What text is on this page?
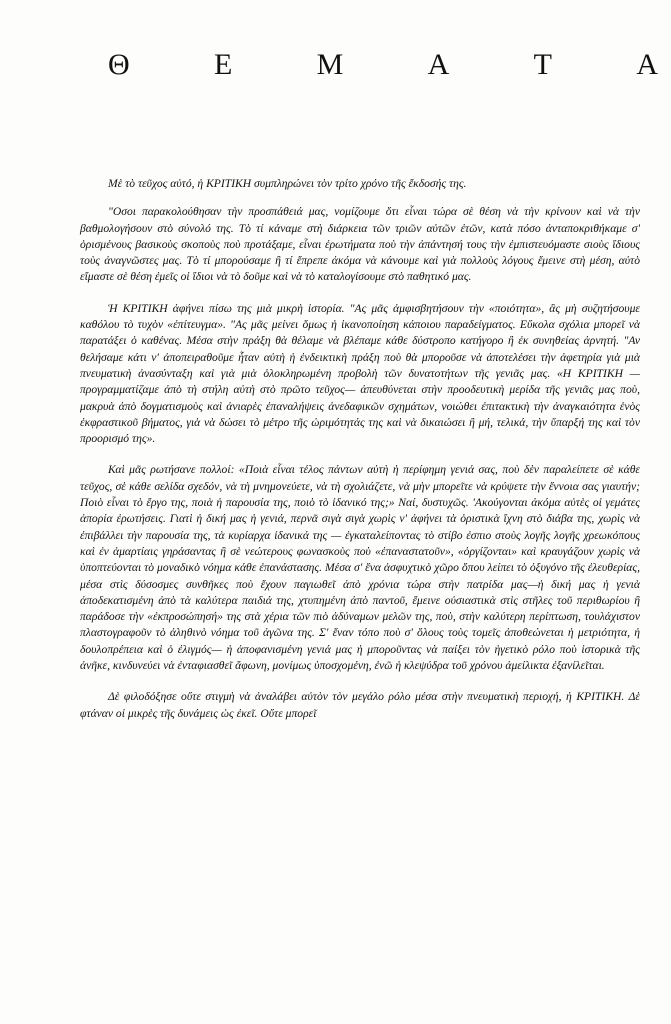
Θ	Ε	Μ	Α	Τ	Α

Μὲ τὸ τεῦχος αὐτό, ἡ ΚΡΙΤΙΚΗ συμπληρώνει τὸν τρίτο χρόνο τῆς ἔκδοσής της.

"Οσοι παρακολούθησαν τὴν προσπάθειά μας, νομίζουμε ὅτι εἶναι τώρα σὲ θέση νὰ τὴν κρίνουν καὶ νὰ τὴν βαθμολογήσουν στὸ σύνολό της. Τὸ τί κάναμε στὴ διάρκεια τῶν τριῶν αὐτῶν ἐτῶν, κατὰ πόσο ἀνταποκριθήκαμε σ' ὁρισμένους βασικοὺς σκοποὺς ποὺ προτάξαμε, εἶναι ἐρωτήματα ποὺ τὴν ἀπάντησή τους τὴν ἐμπιστευόμαστε σιοὺς ἴδιους τοὺς ἀναγνῶστες μας. Τὸ τί μπορούσαμε ἢ τί ἔπρεπε ἀκόμα νὰ κάνουμε καὶ γιὰ πολλοὺς λόγους ἔμεινε στὴ μέση, αὐτὸ εἴμαστε σὲ θέση ἐμεῖς οἱ ἴδιοι νὰ τὸ δοῦμε καὶ νὰ τὸ καταλογίσουμε στὸ παθητικό μας.

Ἡ ΚΡΙΤΙΚΗ ἀφήνει πίσω της μιὰ μικρὴ ἱστορία. "Ας μᾶς ἀμφισβητήσουν τὴν «ποιότητα», ἂς μὴ συζητήσουμε καθόλου τὸ τυχὸν «ἐπίτευγμα». "Ας μᾶς μείνει ὅμως ἡ ἱκανοποίηση κάποιου παραδείγματος. Εὔκολα σχόλια μπορεῖ νὰ παρατάξει ὁ καθένας. Μέσα στὴν πράξη θὰ θέλαμε νὰ βλέπαμε κάθε δύστροπο κατήγορο ἢ ἐκ συνηθείας ἀρνητή. "Αν θελήσαμε κάτι ν' ἀποπειραθοῦμε ἦταν αὐτὴ ἡ ἐνδεικτικὴ πράξη ποὺ θὰ μποροῦσε νὰ ἀποτελέσει τὴν ἀφετηρία γιὰ μιὰ πνευματικὴ ἀνασύνταξη καὶ γιὰ μιὰ ὁλοκληρωμένη προβολὴ τῶν δυνατοτήτων τῆς γενιᾶς μας. «Η ΚΡΙΤΙΚΗ —προγραμματίζαμε ἀπὸ τὴ στήλη αὐτὴ στὸ πρῶτο τεῦχος— ἀπευθύνεται στὴν προοδευτικὴ μερίδα τῆς γενιᾶς μας ποὺ, μακρυὰ ἀπὸ δογματισμοὺς καὶ ἀνιαρὲς ἐπαναλήψεις ἀνεδαφικῶν σχημάτων, νοιώθει ἐπιτακτικὴ τὴν ἀναγκαιότητα ἑνὸς ἐκφραστικοῦ βήματος, γιὰ νὰ δώσει τὸ μέτρο τῆς ὡριμότητάς της καὶ νὰ δικαιώσει ἢ μή, τελικά, τὴν ὕπαρξή της καὶ τὸν προορισμό της».

Καὶ μᾶς ρωτήσανε πολλοί: «Ποιὰ εἶναι τέλος πάντων αὐτὴ ἡ περίφημη γενιά σας, ποὺ δὲν παραλείπετε σὲ κάθε τεῦχος, σὲ κάθε σελίδα σχεδόν, νὰ τὴ μνημονεύετε, νὰ τὴ σχολιάζετε, νὰ μὴν μπορεῖτε νὰ κρύψετε τὴν ἔννοια σας γιαυτήν; Ποιὸ εἶναι τὸ ἔργο της, ποιὰ ἡ παρουσία της, ποιὸ τὸ ἰδανικό της;» Ναί, δυστυχῶς. 'Ακούγονται ἀκόμα αὐτὲς οἱ γεμάτες ἀπορία ἐρωτήσεις. Γιατὶ ἡ δική μας ἡ γενιά, περνᾶ σιγὰ σιγὰ χωρὶς ν' ἀφήνει τὰ ὁριστικὰ ἴχνη στὸ διάβα της, χωρὶς νὰ ἐπιβάλλει τὴν παρουσία της, τὰ κυρίαρχα ἰδανικά της — ἐγκαταλείποντας τὸ στίβο ἐσπιο στοὺς λογῆς λογῆς χρεωκόπους καὶ ἐν ἁμαρτίαις γηράσαντας ἢ σὲ νεώτερους φωνασκοὺς ποὺ «ἐπαναστατοῦν», «ὀργίζονται» καὶ κραυγάζουν χωρὶς νὰ ὑποπτεύονται τὸ μοναδικὸ νόημα κάθε ἐπανάστασης. Μέσα σ' ἕνα ἀσφυχτικὸ χῶρο ὅπου λείπει τὸ ὀξυγόνο τῆς ἐλευθερίας, μέσα στὶς δύσοσμες συνθῆκες ποὺ ἔχουν παγιωθεῖ ἀπὸ χρόνια τώρα στὴν πατρίδα μας—ἡ δική μας ἡ γενιὰ ἀποδεκατισμένη ἀπὸ τὰ καλύτερα παιδιά της, χτυπημένη ἀπὸ παντοῦ, ἔμεινε οὐσιαστικὰ στὶς στῆλες τοῦ περιθωρίου ἢ παράδοσε τὴν «ἐκπροσώπησή» της στὰ χέρια τῶν πιὸ ἀδύναμων μελῶν της, ποὺ, στὴν καλύτερη περίπτωση, τουλάχιστον πλαστογραφοῦν τὸ ἀληθινὸ νόημα τοῦ ἀγῶνα της. Σ' ἕναν τόπο ποὺ σ' ὅλους τοὺς τομεῖς ἀποθεώνεται ἡ μετριότητα, ἡ δουλοπρέπεια καὶ ὁ ἐλιγμός— ἡ ἀποφανισμένη γενιά μας ἡ μποροῦντας νὰ παίξει τὸν ἡγετικὸ ρόλο ποὺ ἱστορικὰ τῆς ἀνῆκε, κινδυνεύει νὰ ἐνταφιασθεῖ ἄφωνη, μονίμως ὑποσχομένη, ἐνῶ ἡ κλεψύδρα τοῦ χρόνου ἀμείλικτα ἐξανίλεῖται.

Δὲ φιλοδόξησε οὔτε στιγμὴ νὰ ἀναλάβει αὐτὸν τὸν μεγάλο ρόλο μέσα στὴν πνευματικὴ περιοχή, ἡ ΚΡΙΤΙΚΗ. Δὲ φτάναν οἱ μικρὲς τῆς δυνάμεις ὡς ἐκεῖ. Οὔτε μπορεῖ
